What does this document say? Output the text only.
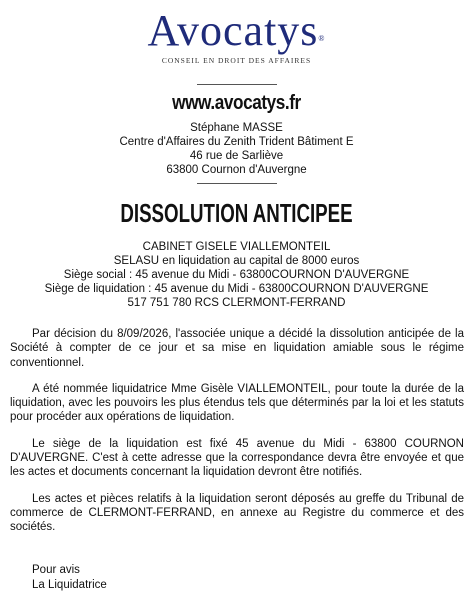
Avocatys®
CONSEIL EN DROIT DES AFFAIRES
www.avocatys.fr
Stéphane MASSE
Centre d'Affaires du Zenith Trident Bâtiment E
46 rue de Sarliève
63800 Cournon d'Auvergne
DISSOLUTION ANTICIPEE
CABINET GISELE VIALLEMONTEIL
SELASU en liquidation au capital de 8000 euros
Siège social : 45 avenue du Midi - 63800COURNON D'AUVERGNE
Siège de liquidation : 45 avenue du Midi - 63800COURNON D'AUVERGNE
517 751 780 RCS CLERMONT-FERRAND

Par décision du 8/09/2026, l'associée unique a décidé la dissolution anticipée de la Société à compter de ce jour et sa mise en liquidation amiable sous le régime conventionnel.

A été nommée liquidatrice Mme Gisèle VIALLEMONTEIL, pour toute la durée de la liquidation, avec les pouvoirs les plus étendus tels que déterminés par la loi et les statuts pour procéder aux opérations de liquidation.

Le siège de la liquidation est fixé 45 avenue du Midi - 63800 COURNON D'AUVERGNE. C'est à cette adresse que la correspondance devra être envoyée et que les actes et documents concernant la liquidation devront être notifiés.

Les actes et pièces relatifs à la liquidation seront déposés au greffe du Tribunal de commerce de CLERMONT-FERRAND, en annexe au Registre du commerce et des sociétés.

Pour avis
La Liquidatrice
